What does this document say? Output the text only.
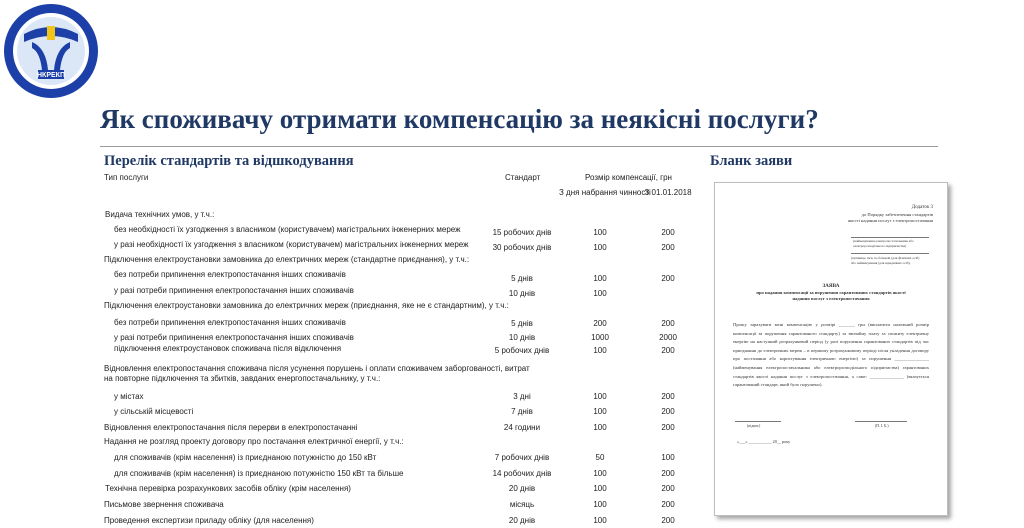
НКРЕКП
Як споживачу отримати компенсацію за неякісні послуги?
Перелік стандартів та відшкодування	Бланк заяви
Тип послуги	Стандарт	Розмір компенсації, грн
З дня набрання чинності
З 01.01.2018
Видача технічних умов, у т.ч.:
без необхідності їх узгодження з власником (користувачем) магістральних інженерних мереж	15 робочих днів	100	200
у разі необхідності їх узгодження з власником (користувачем) магістральних інженерних мереж	30 робочих днів	100	200
Підключення електроустановки замовника до електричних мереж (стандартне приєднання), у т.ч.:
без потреби припинення електропостачання інших споживачів	5 днів	100	200
у разі потреби припинення електропостачання інших споживачів	10 днів	100
Підключення електроустановки замовника до електричних мереж (приєднання, яке не є стандартним), у т.ч.:
без потреби припинення електропостачання інших споживачів	5 днів	200	200
у разі потреби припинення електропостачання інших споживачів	10 днів	1000	2000
підключення електроустановок споживача після відключення	5 робочих днів	100	200
Відновлення електропостачання споживача після усунення порушень і оплати споживачем заборгованості, витрат
на повторне підключення та збитків, завданих енергопостачальнику, у т.ч.:
у містах	3 дні	100	200
у сільській місцевості	7 днів	100	200
Відновлення електропостачання після перерви в електропостачанні	24 години	100	200
Надання не розгляд проекту договору про постачання електричної енергії, у т.ч.:
для споживачів (крім населення) із приєднаною потужністю до 150 кВт	7 робочих днів	50	100
для споживачів (крім населення) із приєднаною потужністю 150 кВт та більше	14 робочих днів	100	200
Технічна перевірка розрахункових засобів обліку (крім населення)	20 днів	100	200
Письмове звернення споживача	місяць	100	200
Проведення експертизи приладу обліку (для населення)	20 днів	100	200
Додаток 3
до Порядку забезпечення стандартів
якості надання послуг з електропостачання
(найменування електропостачальника або
електророзподільного підприємства)
(прізвище, ім'я, по батькові (для фізичних осіб)
або найменування (для юридичних осіб),
ЗАЯВА
про надання компенсації за порушення гарантованих стандартів якості
надання послуг з електропостачання
Прошу зарахувати мені компенсацію у розмірі _______ грн (виплатити належний розмір компенсації за порушення гарантованого стандарту) за звичайну плату за спожиту електричну енергію на наступний розрахунковий період (у разі порушення гарантованих стандартів під час приєднання до електричних мереж – в першому розрахунковому періоді після укладення договору про постачання або користування електричною енергією) за порушення _______________ (найменування електропостачальника або електророзподільного підприємства) гарантованих стандартів якості надання послуг з електропостачання, а саме: _______________ (вказується гарантований стандарт, який було порушено).
(підпис)	(П. І. Б.)
«___» ___________ 20__ року
